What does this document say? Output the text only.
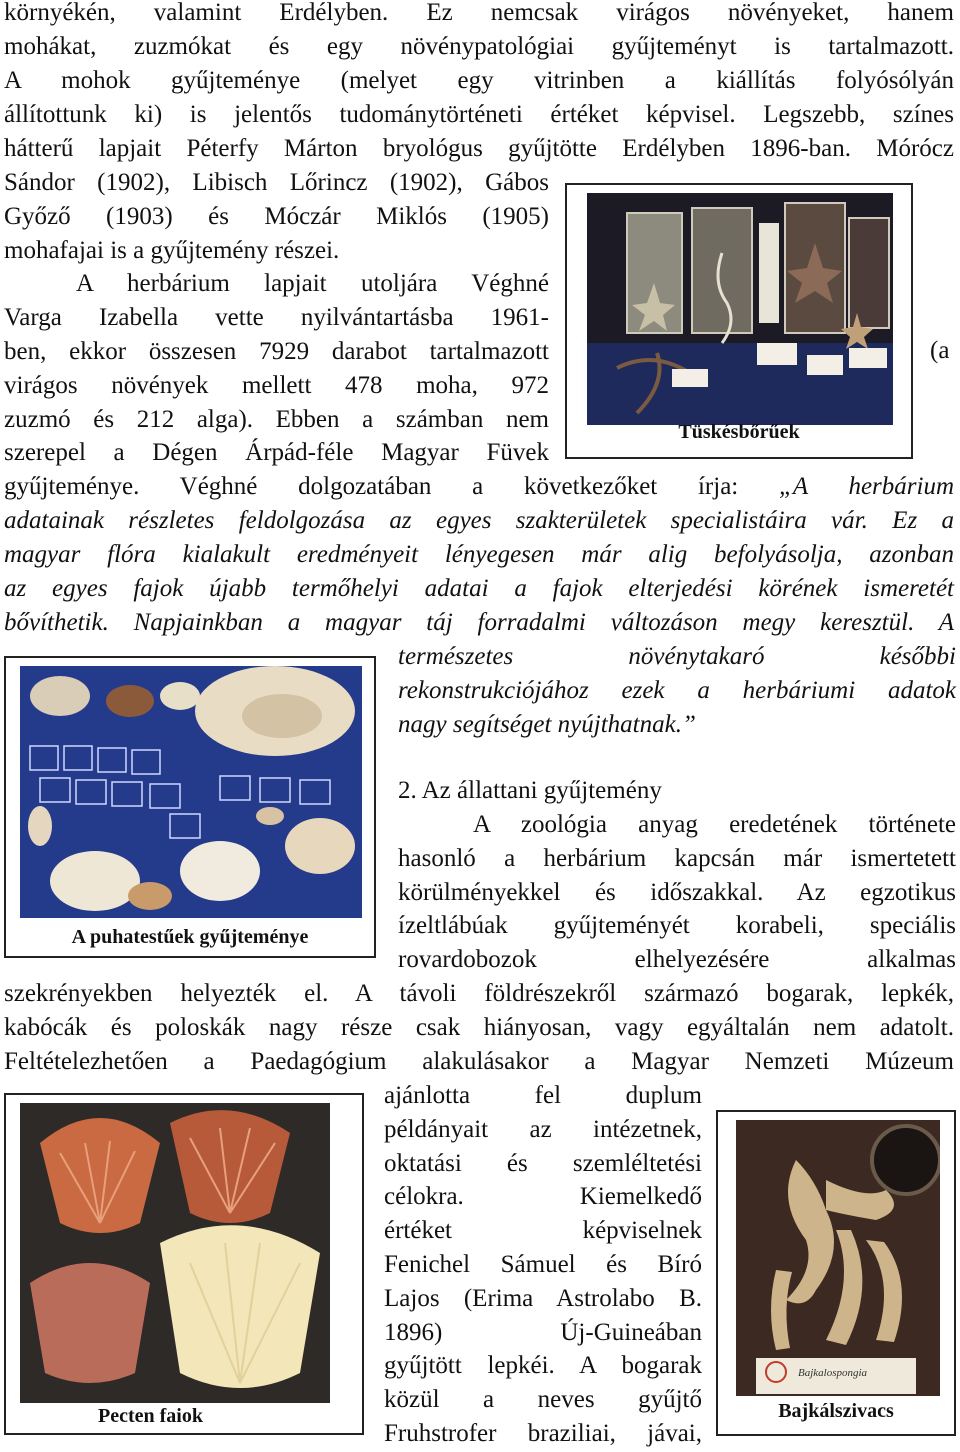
környékén, valamint Erdélyben. Ez nemcsak virágos növényeket, hanem
mohákat, zuzmókat és egy növénypatológiai gyűjteményt is tartalmazott.
A mohok gyűjteménye (melyet egy vitrinben a kiállítás folyósólyán
állítottunk ki) is jelentős tudománytörténeti értéket képvisel. Legszebb, színes
hátterű lapjait Péterfy Márton bryológus gyűjtötte Erdélyben 1896-ban. Mórócz
Sándor (1902), Libisch Lőrincz (1902), Gábos
Győző (1903) és Móczár Miklós (1905)
mohafajai is a gyűjtemény részei.
A herbárium lapjait utoljára Véghné
Varga Izabella vette nyilvántartásba 1961-
ben, ekkor összesen 7929 darabot tartalmazott
virágos növények mellett 478 moha, 972
zuzmó és 212 alga). Ebben a számban nem
szerepel a Dégen Árpád-féle Magyar Füvek
(a
Tüskésbőrűek
gyűjteménye. Véghné dolgozatában a következőket írja: „A herbárium
adatainak részletes feldolgozása az egyes szakterületek specialistáira vár. Ez a
magyar flóra kialakult eredményeit lényegesen már alig befolyásolja, azonban
az egyes fajok újabb termőhelyi adatai a fajok elterjedési körének ismeretét
bővíthetik. Napjainkban a magyar táj forradalmi változáson megy keresztül. A
természetes növénytakaró későbbi
rekonstrukciójához ezek a herbáriumi adatok
nagy segítséget nyújthatnak.”
A puhatestűek gyűjteménye
2. Az állattani gyűjtemény
A zoológia anyag eredetének története
hasonló a herbárium kapcsán már ismertetett
körülményekkel és időszakkal. Az egzotikus
ízeltlábúak gyűjteményét korabeli, speciális
rovardobozok elhelyezésére alkalmas
szekrényekben helyezték el. A távoli földrészekről származó bogarak, lepkék,
kabócák és poloskák nagy része csak hiányosan, vagy egyáltalán nem adatolt.
Feltételezhetően a Paedagógium alakulásakor a Magyar Nemzeti Múzeum
Pecten faiok
ajánlotta fel duplum
példányait az intézetnek,
oktatási és szemléltetési
célokra. Kiemelkedő
értéket képviselnek
Fenichel Sámuel és Bíró
Lajos (Erima Astrolabo B.
1896) Új-Guineában
gyűjtött lepkéi. A bogarak
közül a neves gyűjtő
Fruhstrofer braziliai, jávai,
Bajkalospongia
Bajkálszivacs
